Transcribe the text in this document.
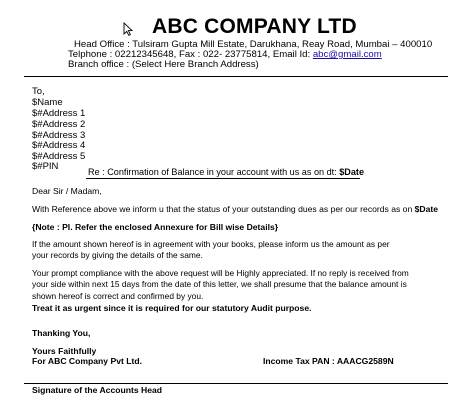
ABC COMPANY LTD
Head Office : Tulsiram Gupta Mill Estate, Darukhana, Reay Road, Mumbai – 400010
Telphone : 02212345648, Fax : 022- 23775814, Email Id: abc@gmail.com
Branch office : (Select Here Branch Address)
To,
$Name
$#Address 1
$#Address 2
$#Address 3
$#Address 4
$#Address 5
$#PIN	Re : Confirmation of Balance in your account with us as on dt: $Date
Dear Sir / Madam,
With Reference above we inform u that the status of your outstanding dues as per our records as on $Date
{Note : Pl. Refer the enclosed Annexure for Bill wise Details}
If the amount shown hereof is in agreement with your books, please inform us the amount as per your records by giving the details of the same.
Your prompt compliance with the above request will be Highly appreciated. If no reply is received from your side within next 15 days from the date of this letter, we shall presume that the balance amount is shown hereof is correct and confirmed by you.
Treat it as urgent since it is required for our statutory Audit purpose.
Thanking You,
Yours Faithfully
For ABC Company Pvt Ltd.	Income Tax PAN : AAACG2589N
Signature of the Accounts Head
